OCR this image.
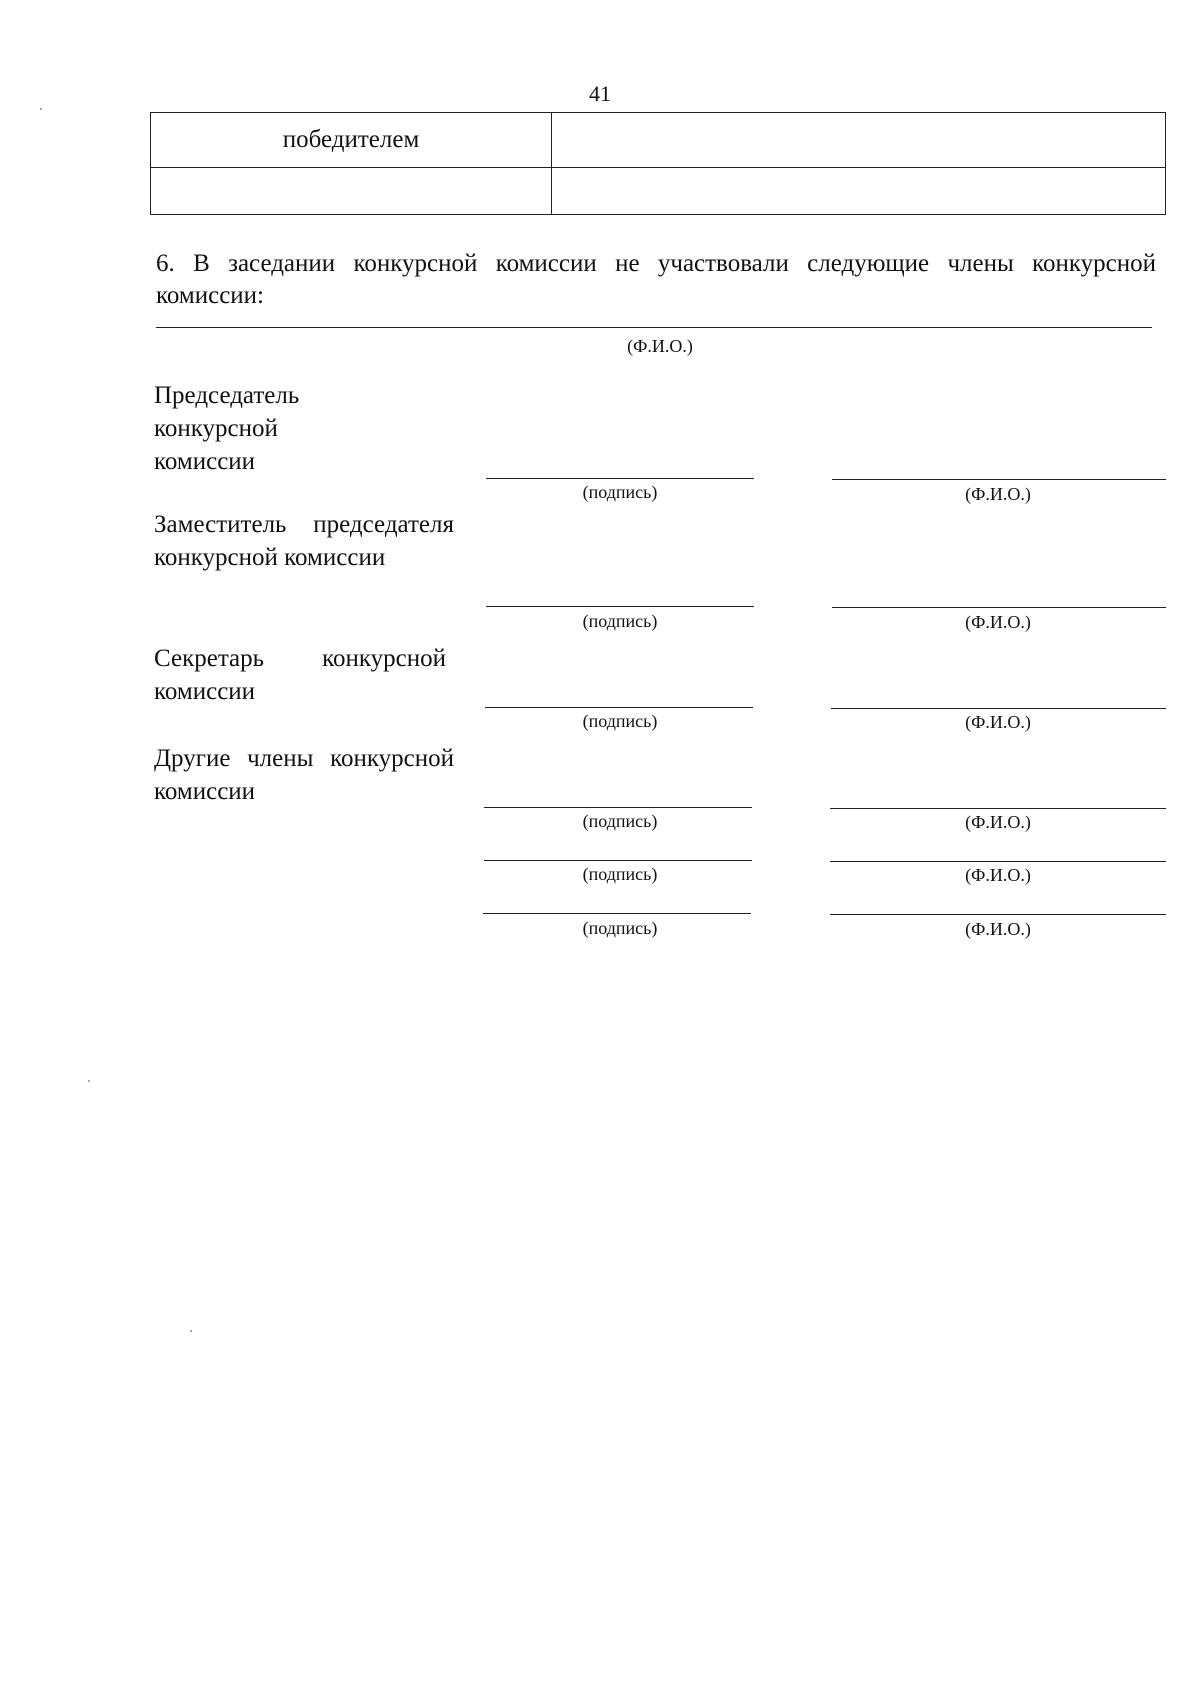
41
победителем
6. В заседании конкурсной комиссии не участвовали следующие члены конкурсной комиссии:
(Ф.И.О.)
Председатель конкурсной комиссии
(подпись)	(Ф.И.О.)
Заместитель председателя конкурсной комиссии
(подпись)	(Ф.И.О.)
Секретарь конкурсной комиссии
(подпись)	(Ф.И.О.)
Другие члены конкурсной комиссии
(подпись)	(Ф.И.О.)
(подпись)	(Ф.И.О.)
(подпись)	(Ф.И.О.)
